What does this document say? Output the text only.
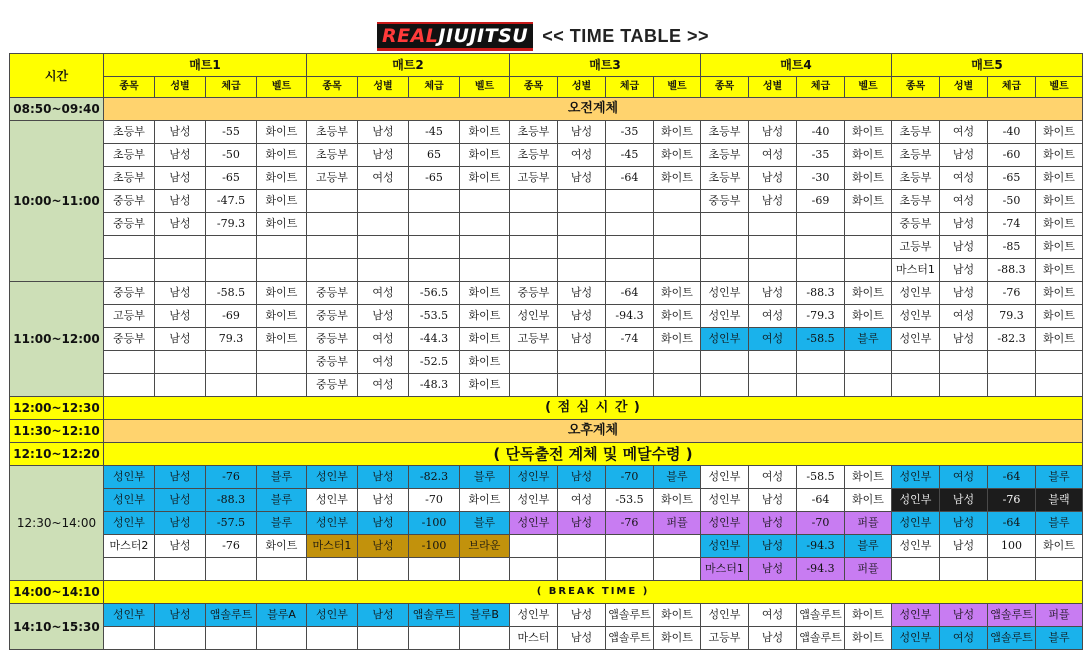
REALJIUJITSU << TIME TABLE >>
시간	매트1				매트2				매트3				매트4				매트5			
	종목	성별	체급	벨트	종목	성별	체급	벨트	종목	성별	체급	벨트	종목	성별	체급	벨트	종목	성별	체급	벨트
08:50~09:40	오전계체																			
10:00~11:00	초등부	남성	-55	화이트	초등부	남성	-45	화이트	초등부	남성	-35	화이트	초등부	남성	-40	화이트	초등부	여성	-40	화이트
	초등부	남성	-50	화이트	초등부	남성	65	화이트	초등부	여성	-45	화이트	초등부	여성	-35	화이트	초등부	남성	-60	화이트
	초등부	남성	-65	화이트	고등부	여성	-65	화이트	고등부	남성	-64	화이트	초등부	남성	-30	화이트	초등부	여성	-65	화이트
	중등부	남성	-47.5	화이트									중등부	남성	-69	화이트	초등부	여성	-50	화이트
	중등부	남성	-79.3	화이트													중등부	남성	-74	화이트
																	고등부	남성	-85	화이트
																	마스터1	남성	-88.3	화이트
11:00~12:00	중등부	남성	-58.5	화이트	중등부	여성	-56.5	화이트	중등부	남성	-64	화이트	성인부	남성	-88.3	화이트	성인부	남성	-76	화이트
	고등부	남성	-69	화이트	중등부	남성	-53.5	화이트	성인부	남성	-94.3	화이트	성인부	여성	-79.3	화이트	성인부	여성	79.3	화이트
	중등부	남성	79.3	화이트	중등부	여성	-44.3	화이트	고등부	남성	-74	화이트	성인부	여성	-58.5	블루	성인부	남성	-82.3	화이트
					중등부	여성	-52.5	화이트												
					중등부	여성	-48.3	화이트												
12:00~12:30	( 점 심 시 간 )																			
11:30~12:10	오후계체																			
12:10~12:20	( 단독출전 계체 및 메달수령 )																			
12:30~14:00	성인부	남성	-76	블루	성인부	남성	-82.3	블루	성인부	남성	-70	블루	성인부	여성	-58.5	화이트	성인부	여성	-64	블루
	성인부	남성	-88.3	블루	성인부	남성	-70	화이트	성인부	여성	-53.5	화이트	성인부	남성	-64	화이트	성인부	남성	-76	블랙
	성인부	남성	-57.5	블루	성인부	남성	-100	블루	성인부	남성	-76	퍼플	성인부	남성	-70	퍼플	성인부	남성	-64	블루
	마스터2	남성	-76	화이트	마스터1	남성	-100	브라운					성인부	남성	-94.3	블루	성인부	남성	100	화이트
													마스터1	남성	-94.3	퍼플				
14:00~14:10	( BREAK TIME )																			
14:10~15:30	성인부	남성	앱솔루트	블루A	성인부	남성	앱솔루트	블루B	성인부	남성	앱솔루트	화이트	성인부	여성	앱솔루트	화이트	성인부	남성	앱솔루트	퍼플
									마스터	남성	앱솔루트	화이트	고등부	남성	앱솔루트	화이트	성인부	여성	앱솔루트	블루
